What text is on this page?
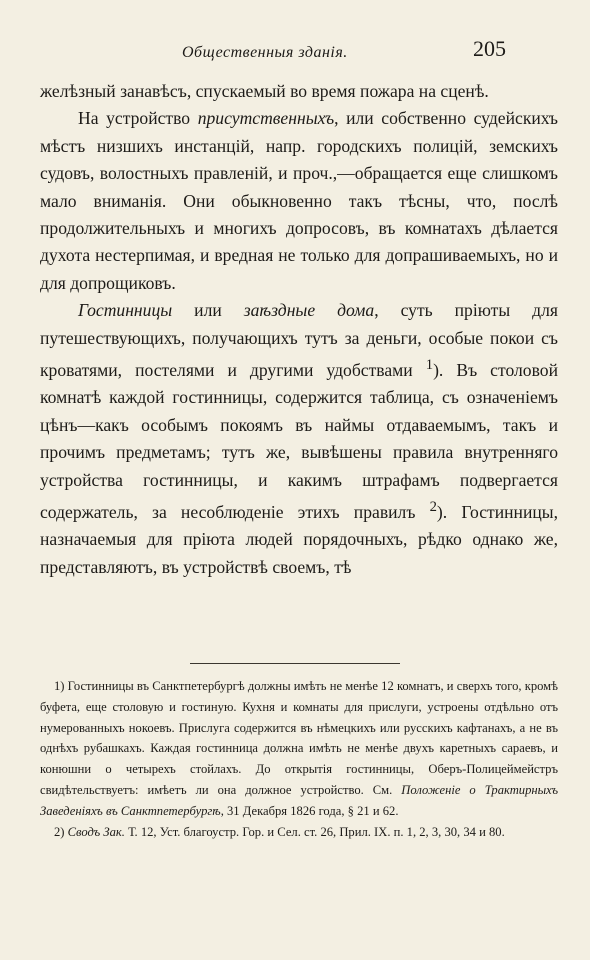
Общественныя зданія.	205

желѣзный занавѣсъ, спускаемый во время пожара на сценѣ.

На устройство присутственныхъ, или собственно судейскихъ мѣстъ низшихъ инстанцій, напр. городскихъ полицій, земскихъ судовъ, волостныхъ правленій, и проч.,—обращается еще слишкомъ мало вниманія. Они обыкновенно такъ тѣсны, что, послѣ продолжительныхъ и многихъ допросовъ, въ комнатахъ дѣлается духота нестерпимая, и вредная не только для допрашиваемыхъ, но и для допрощиковъ.

Гостинницы или заѣздные дома, суть пріюты для путешествующихъ, получающихъ тутъ за деньги, особые покои съ кроватями, постелями и другими удобствами $^1$). Въ столовой комнатѣ каждой гостинницы, содержится таблица, съ означеніемъ цѣнъ—какъ особымъ покоямъ въ наймы отдаваемымъ, такъ и прочимъ предметамъ; тутъ же, вывѣшены правила внутренняго устройства гостинницы, и какимъ штрафамъ подвергается содержатель, за несоблюденіе этихъ правилъ $^2$). Гостинницы, назначаемыя для пріюта людей порядочныхъ, рѣдко однако же, представляютъ, въ устройствѣ своемъ, тѣ

1) Гостинницы въ Санктпетербургѣ должны имѣть не менѣе 12 комнатъ, и сверхъ того, кромѣ буфета, еще столовую и гостиную. Кухня и комнаты для прислуги, устроены отдѣльно отъ нумерованныхъ нокоевъ. Прислуга содержится въ нѣмецкихъ или русскихъ кафтанахъ, а не въ однѣхъ рубашкахъ. Каждая гостинница должна имѣть не менѣе двухъ каретныхъ сараевъ, и конюшни о четырехъ стойлахъ. До открытія гостинницы, Оберъ-Полицеймейстръ свидѣтельствуетъ: имѣетъ ли она должное устройство. См. Положеніе о Трактирныхъ Заведеніяхъ въ Санктпетербургѣ, 31 Декабря 1826 года, § 21 и 62.

2) Сводъ Зак. Т. 12, Уст. благоустр. Гор. и Сел. ст. 26, Прил. IX. п. 1, 2, 3, 30, 34 и 80.
